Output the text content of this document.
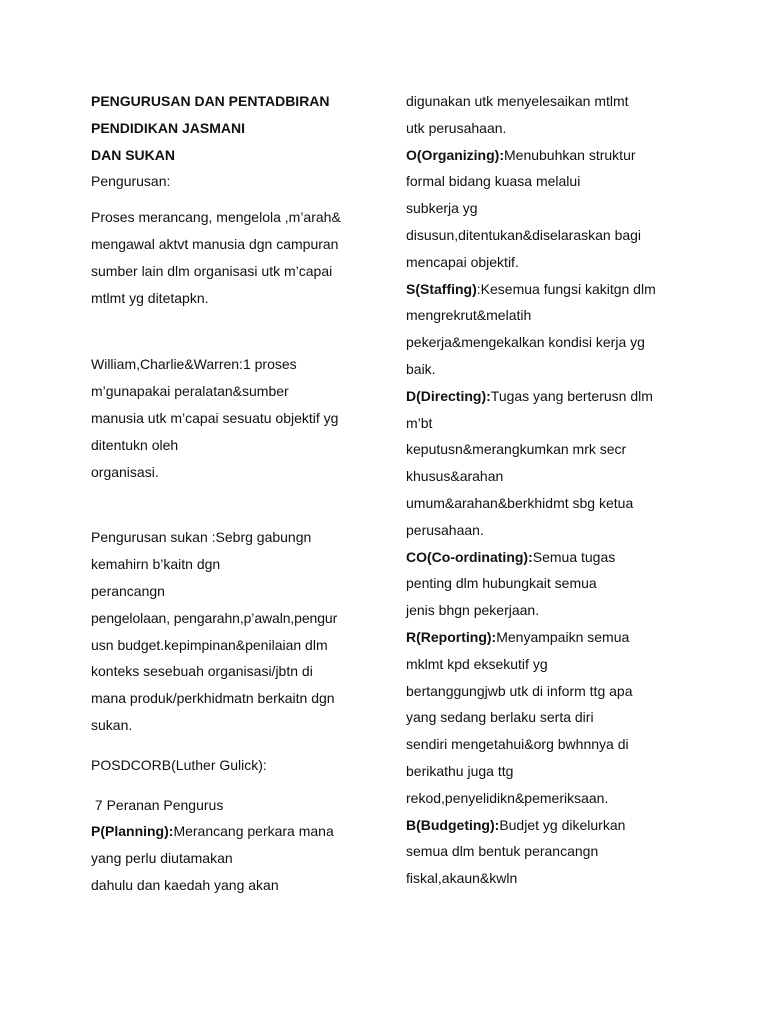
PENGURUSAN DAN PENTADBIRAN
PENDIDIKAN JASMANI
DAN SUKAN
Pengurusan:
Proses merancang, mengelola ,m’arah&
mengawal aktvt manusia dgn campuran
sumber lain dlm organisasi utk m’capai
mtlmt yg ditetapkn.
William,Charlie&Warren:1 proses
m’gunapakai peralatan&sumber
manusia utk m’capai sesuatu objektif yg
ditentukn oleh
organisasi.
Pengurusan sukan :Sebrg gabungn
kemahirn b’kaitn dgn
perancangn
pengelolaan, pengarahn,p’awaln,pengur
usn budget.kepimpinan&penilaian dlm
konteks sesebuah organisasi/jbtn di
mana produk/perkhidmatn berkaitn dgn
sukan.
POSDCORB(Luther Gulick):
7 Peranan Pengurus
P(Planning):Merancang perkara mana
yang perlu diutamakan
dahulu dan kaedah yang akan
digunakan utk menyelesaikan mtlmt
utk perusahaan.
O(Organizing):Menubuhkan struktur
formal bidang kuasa melalui
subkerja yg
disusun,ditentukan&diselaraskan bagi
mencapai objektif.
S(Staffing):Kesemua fungsi kakitgn dlm
mengrekrut&melatih
pekerja&mengekalkan kondisi kerja yg
baik.
D(Directing):Tugas yang berterusn dlm
m’bt
keputusn&merangkumkan mrk secr
khusus&arahan
umum&arahan&berkhidmt sbg ketua
perusahaan.
CO(Co-ordinating):Semua tugas
penting dlm hubungkait semua
jenis bhgn pekerjaan.
R(Reporting):Menyampaikn semua
mklmt kpd eksekutif yg
bertanggungjwb utk di inform ttg apa
yang sedang berlaku serta diri
sendiri mengetahui&org bwhnnya di
berikathu juga ttg
rekod,penyelidikn&pemeriksaan.
B(Budgeting):Budjet yg dikelurkan
semua dlm bentuk perancangn
fiskal,akaun&kwln
